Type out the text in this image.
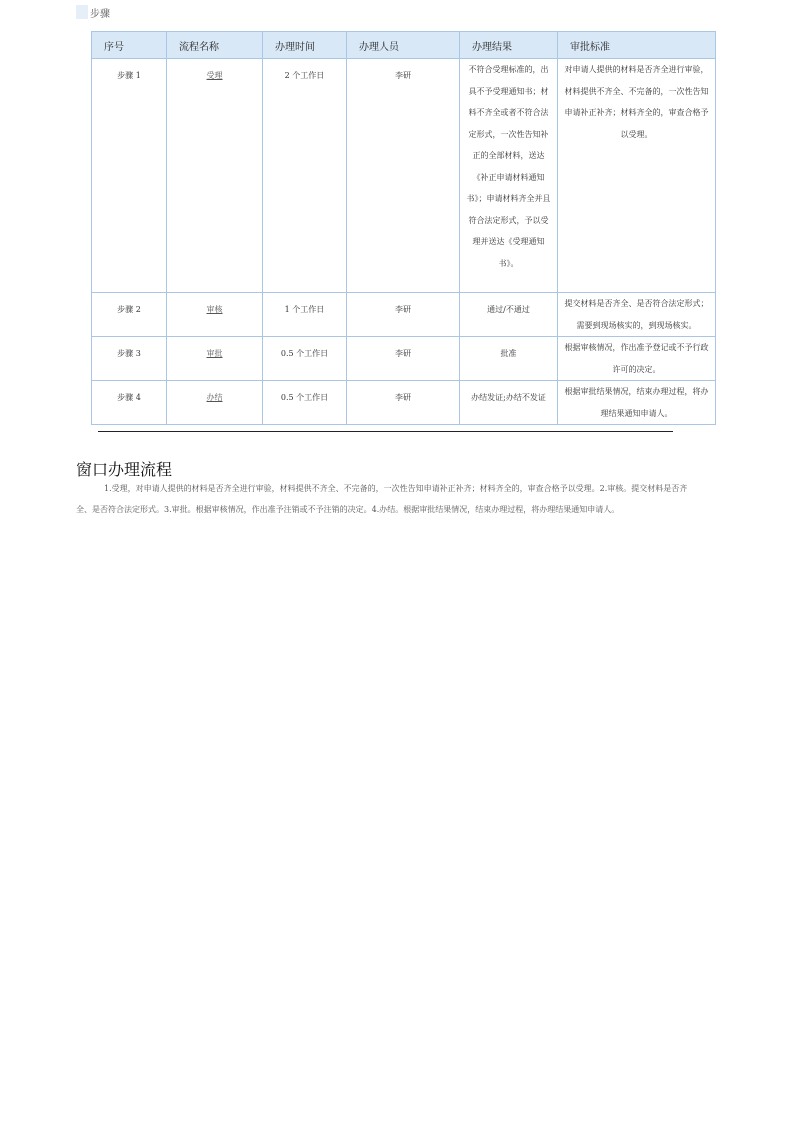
步骤
序号	流程名称	办理时间	办理人员	办理结果	审批标准
步骤 1	受理	2 个工作日	李研	不符合受理标准的，出具不予受理通知书；材料不齐全或者不符合法定形式，一次性告知补正的全部材料，送达《补正申请材料通知书》；申请材料齐全并且符合法定形式，予以受理并送达《受理通知书》。	对申请人提供的材料是否齐全进行审验，材料提供不齐全、不完备的，一次性告知申请补正补齐；材料齐全的，审查合格予以受理。
步骤 2	审核	1 个工作日	李研	通过/不通过	提交材料是否齐全、是否符合法定形式；需要到现场核实的，到现场核实。
步骤 3	审批	0.5 个工作日	李研	批准	根据审核情况，作出准予登记或不予行政许可的决定。
步骤 4	办结	0.5 个工作日	李研	办结发证;办结不发证	根据审批结果情况，结束办理过程，将办理结果通知申请人。
窗口办理流程

1.受理，对申请人提供的材料是否齐全进行审验，材料提供不齐全、不完备的，一次性告知申请补正补齐；材料齐全的，审查合格予以受理。2.审核。提交材料是否齐全、是否符合法定形式。3.审批。根据审核情况，作出准予注销或不予注销的决定。4.办结。根据审批结果情况，结束办理过程，将办理结果通知申请人。
